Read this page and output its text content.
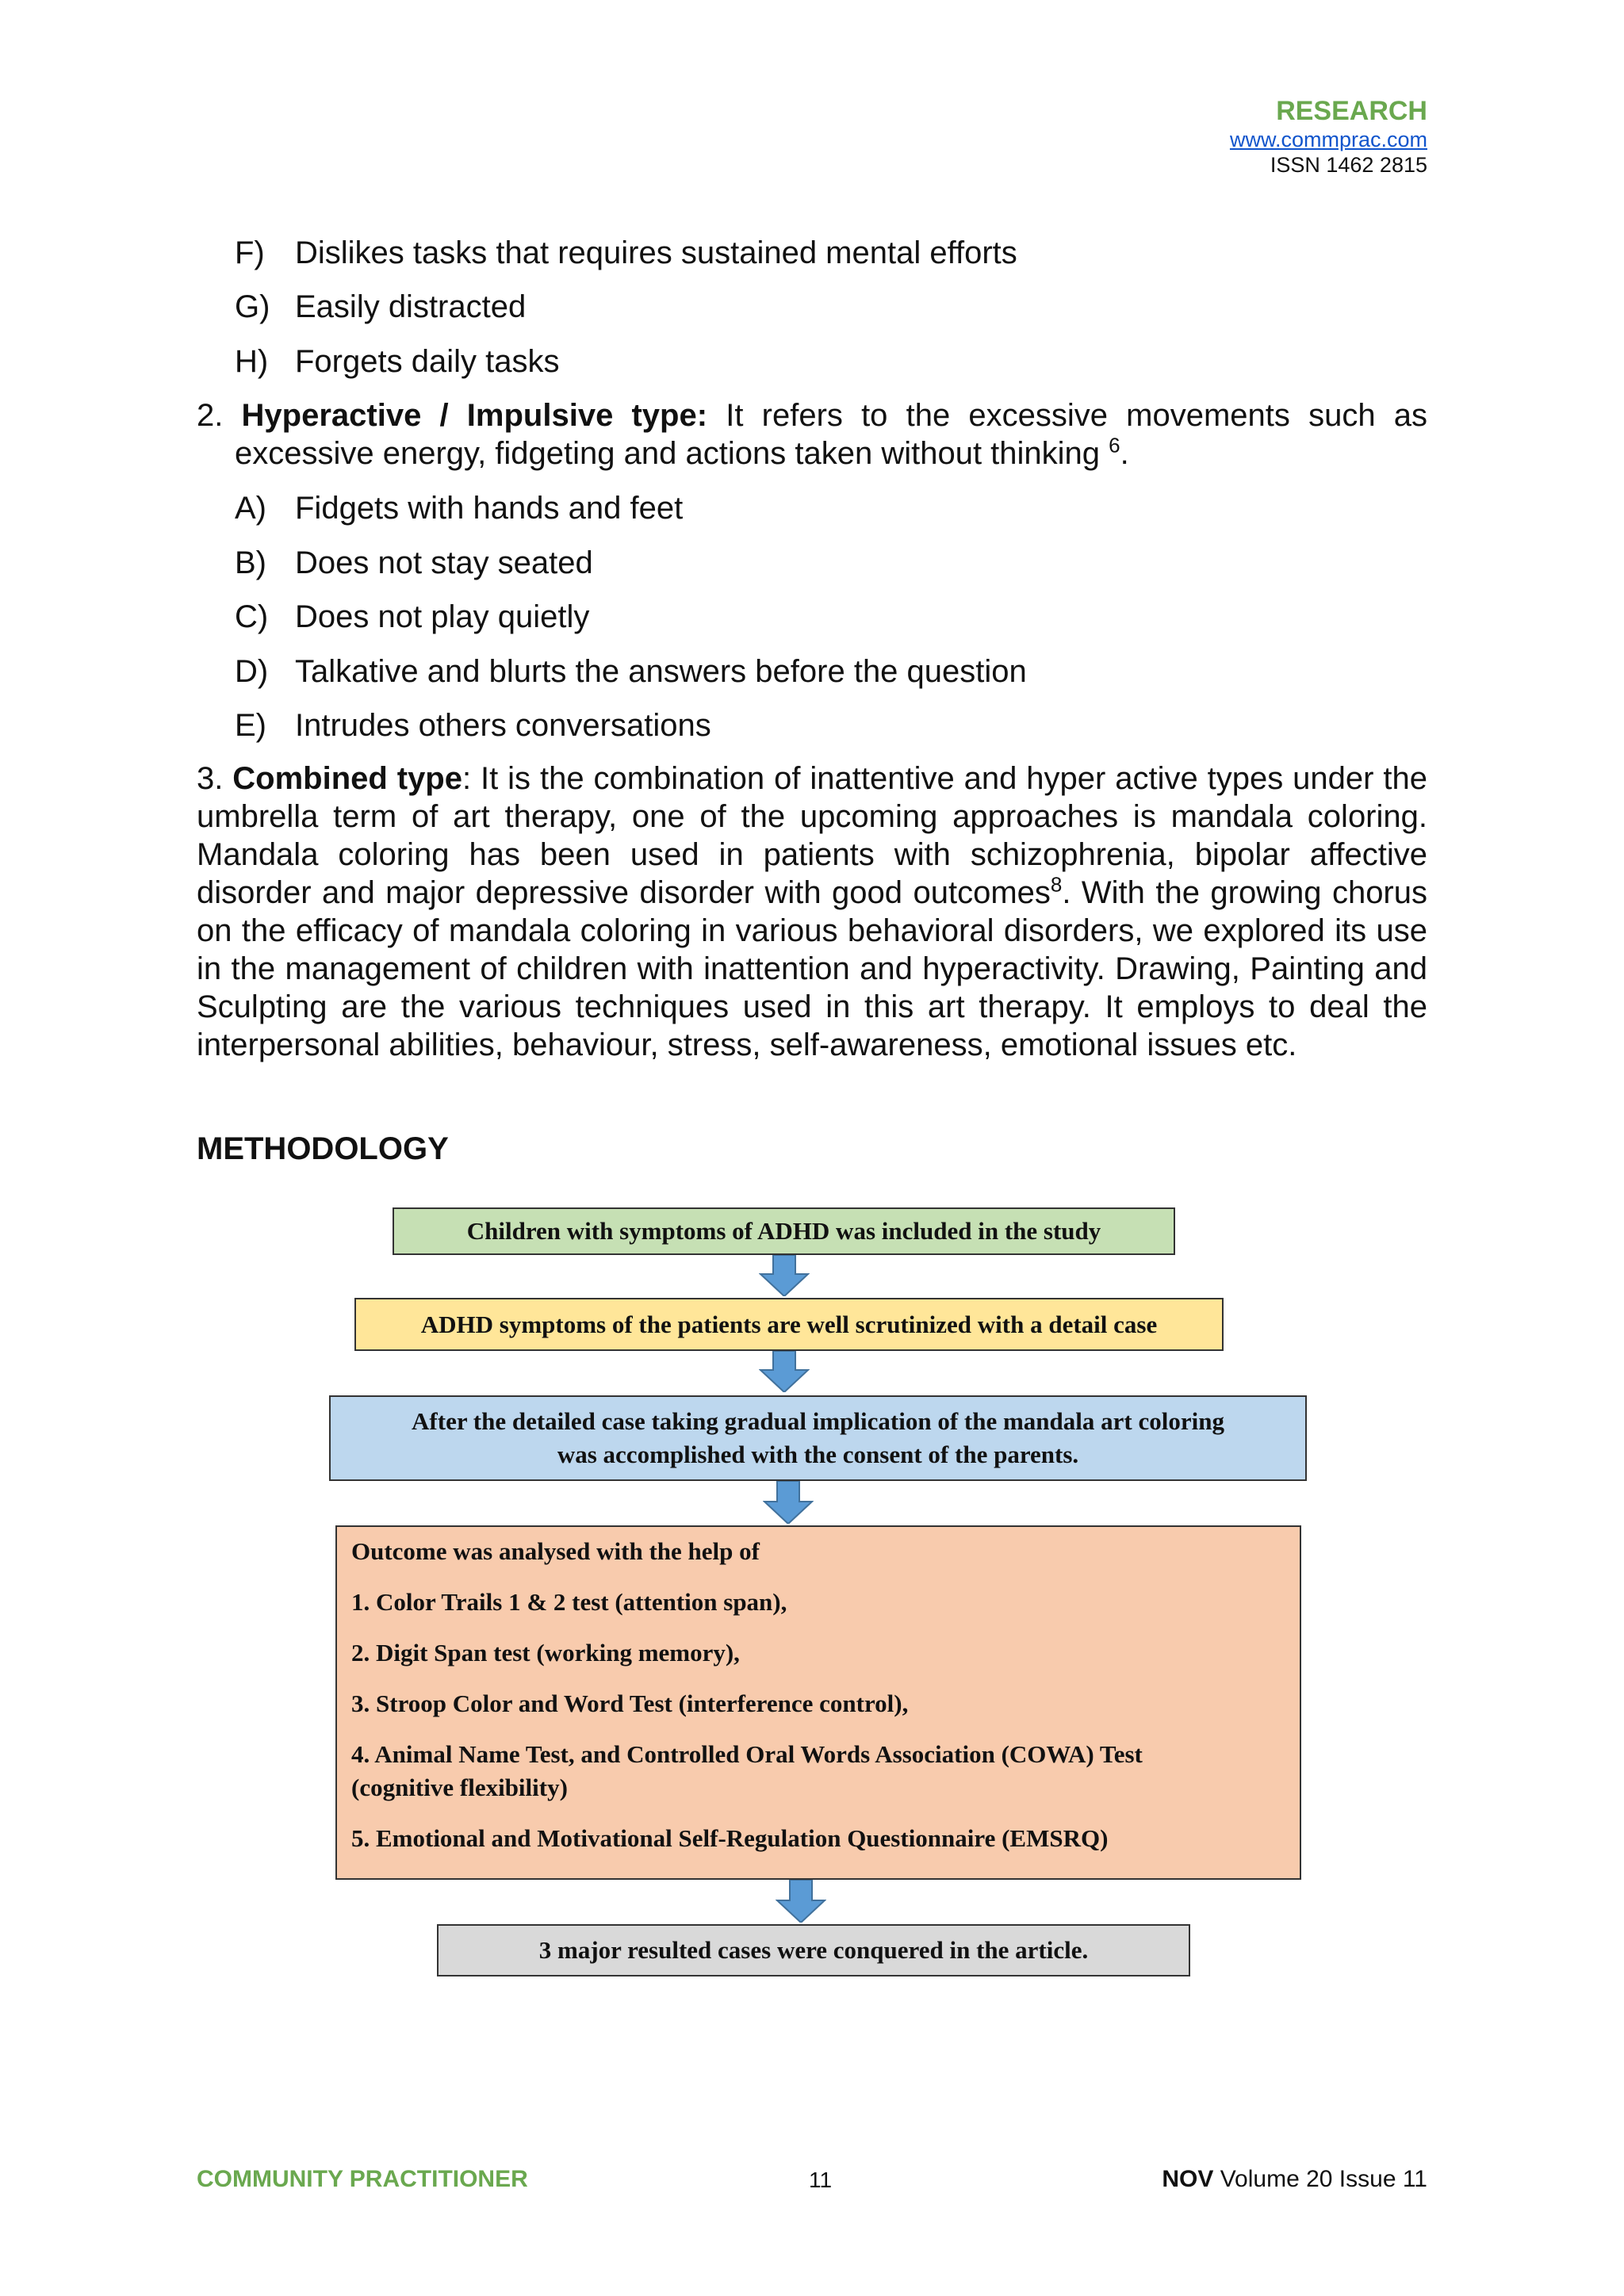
RESEARCH
www.commprac.com
ISSN 1462 2815
F) Dislikes tasks that requires sustained mental efforts
G) Easily distracted
H) Forgets daily tasks
2. Hyperactive / Impulsive type: It refers to the excessive movements such as
excessive energy, fidgeting and actions taken without thinking $^6$.
A) Fidgets with hands and feet
B) Does not stay seated
C) Does not play quietly
D) Talkative and blurts the answers before the question
E) Intrudes others conversations
3. Combined type: It is the combination of inattentive and hyper active types under the umbrella term of art therapy, one of the upcoming approaches is mandala coloring. Mandala coloring has been used in patients with schizophrenia, bipolar affective disorder and major depressive disorder with good outcomes$^8$. With the growing chorus on the efficacy of mandala coloring in various behavioral disorders, we explored its use in the management of children with inattention and hyperactivity. Drawing, Painting and Sculpting are the various techniques used in this art therapy. It employs to deal the interpersonal abilities, behaviour, stress, self-awareness, emotional issues etc.
METHODOLOGY
Children with symptoms of ADHD was included in the study
ADHD symptoms of the patients are well scrutinized with a detail case
After the detailed case taking gradual implication of the mandala art coloring
was accomplished with the consent of the parents.
Outcome was analysed with the help of
1. Color Trails 1 & 2 test (attention span),
2. Digit Span test (working memory),
3. Stroop Color and Word Test (interference control),
4. Animal Name Test, and Controlled Oral Words Association (COWA) Test
(cognitive flexibility)
5. Emotional and Motivational Self-Regulation Questionnaire (EMSRQ)
3 major resulted cases were conquered in the article.
COMMUNITY PRACTITIONER	11	NOV Volume 20 Issue 11
